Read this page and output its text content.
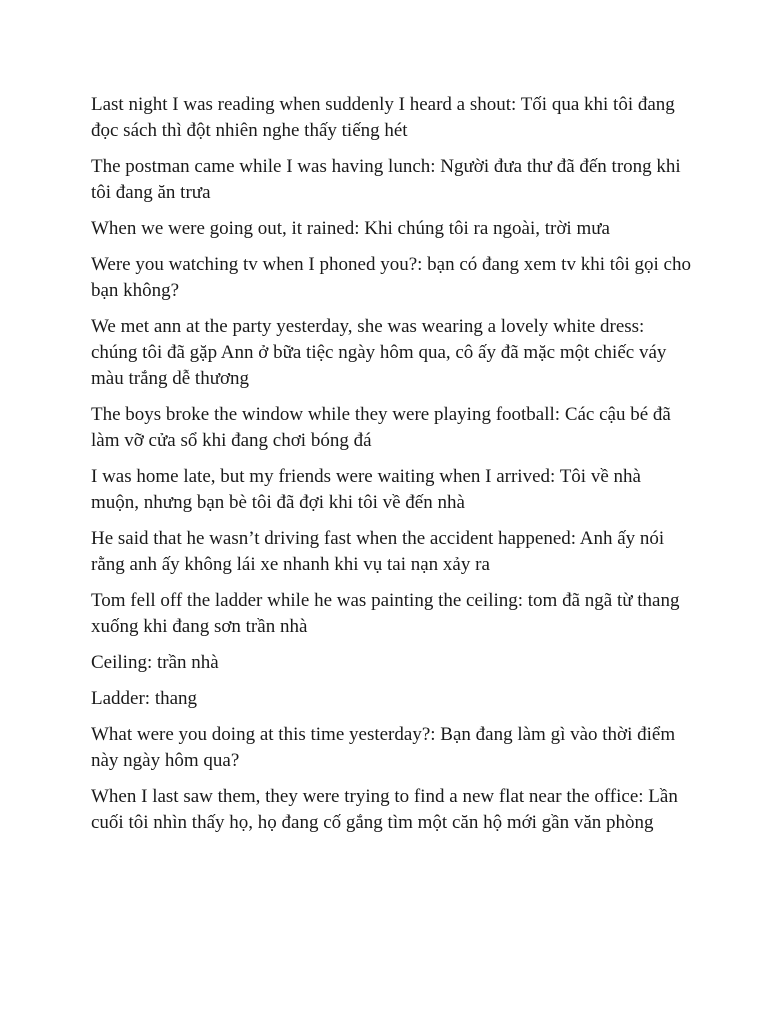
Last night I was reading when suddenly I heard a shout: Tối qua khi tôi đang đọc sách thì đột nhiên nghe thấy tiếng hét

The postman came while I was having lunch: Người đưa thư đã đến trong khi tôi đang ăn trưa

When we were going out, it rained: Khi chúng tôi ra ngoài, trời mưa

Were you watching tv when I phoned you?: bạn có đang xem tv khi tôi gọi cho bạn không?

We met ann at the party yesterday, she was wearing a lovely white dress: chúng tôi đã gặp Ann ở bữa tiệc ngày hôm qua, cô ấy đã mặc một chiếc váy màu trắng dễ thương

The boys broke the window while they were playing football: Các cậu bé đã làm vỡ cửa sổ khi đang chơi bóng đá

I was home late, but my friends were waiting when I arrived: Tôi về nhà muộn, nhưng bạn bè tôi đã đợi khi tôi về đến nhà

He said that he wasn’t driving fast when the accident happened: Anh ấy nói rằng anh ấy không lái xe nhanh khi vụ tai nạn xảy ra

Tom fell off the ladder while he was painting the ceiling: tom đã ngã từ thang xuống khi đang sơn trần nhà

Ceiling: trần nhà

Ladder: thang

What were you doing at this time yesterday?: Bạn đang làm gì vào thời điểm này ngày hôm qua?

When I last saw them, they were trying to find a new flat near the office: Lần cuối tôi nhìn thấy họ, họ đang cố gắng tìm một căn hộ mới gần văn phòng
